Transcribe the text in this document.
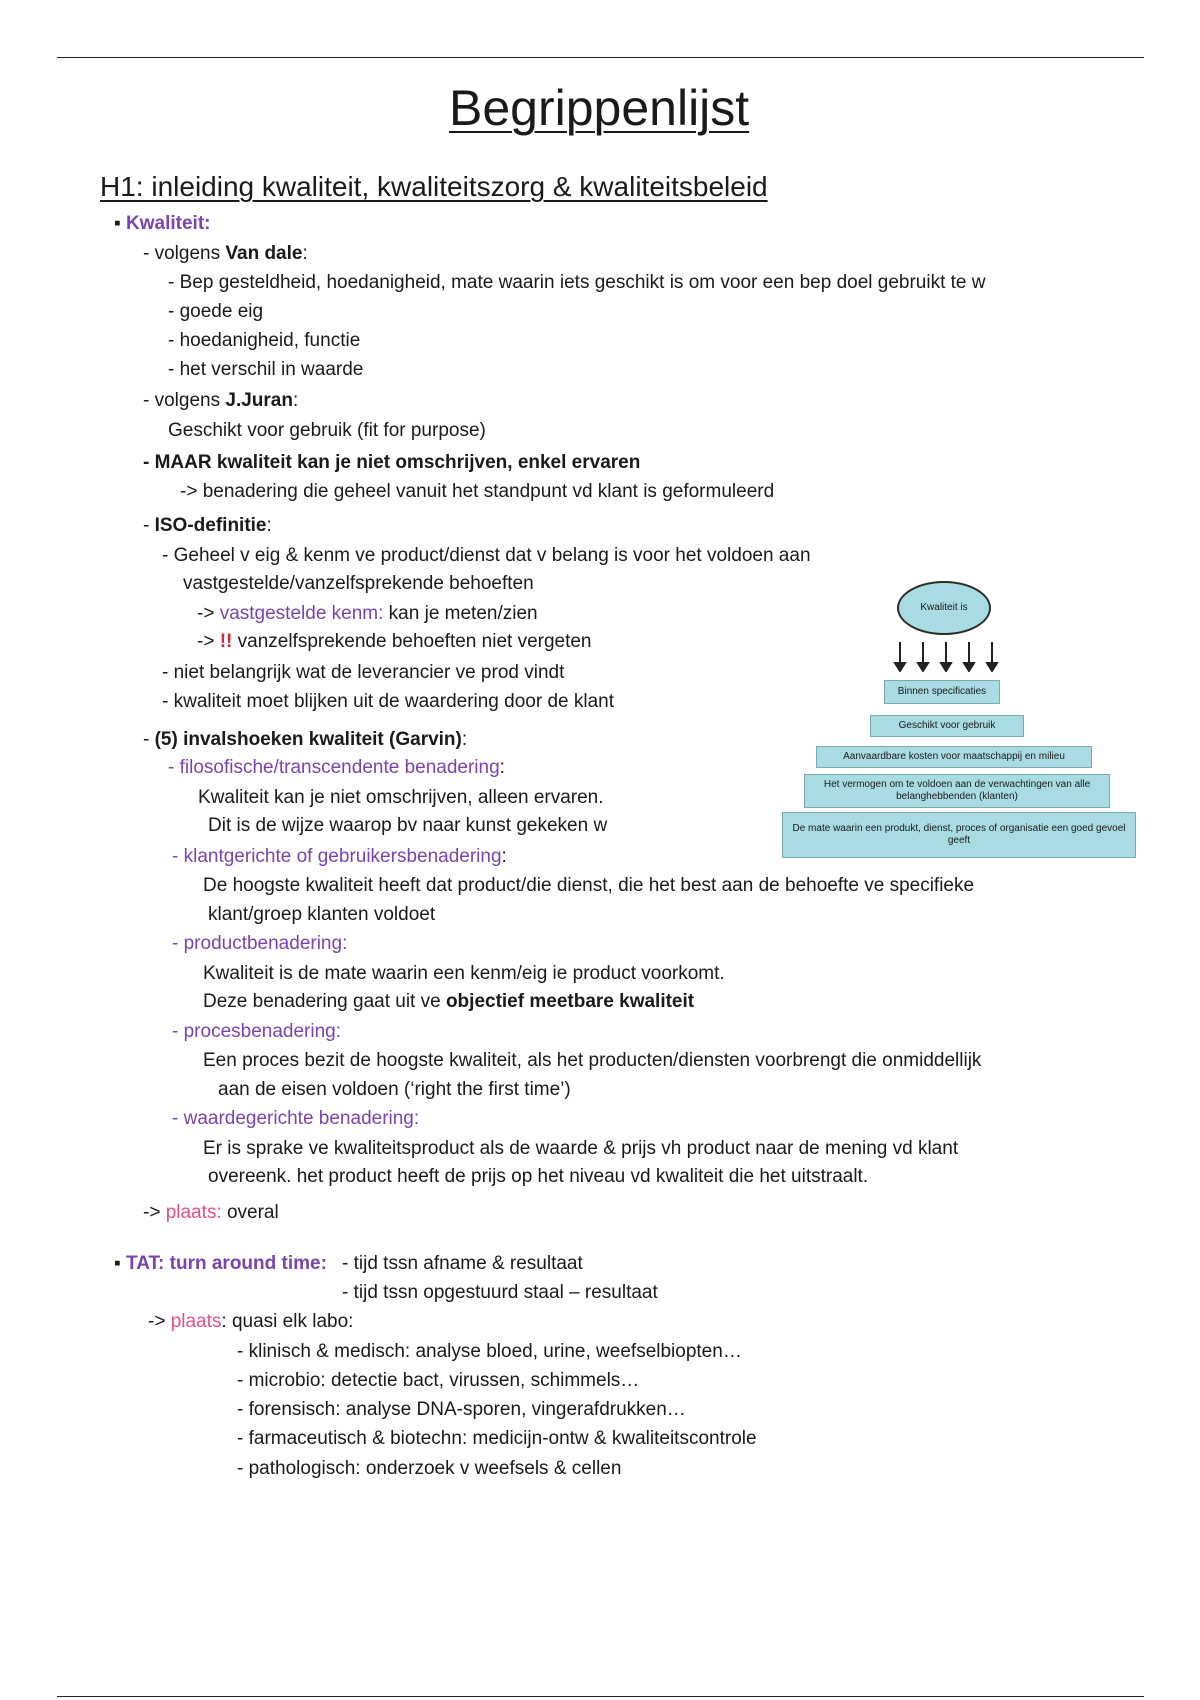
Begrippenlijst
H1: inleiding kwaliteit, kwaliteitszorg & kwaliteitsbeleid
▪ Kwaliteit:
- volgens Van dale:
- Bep gesteldheid, hoedanigheid, mate waarin iets geschikt is om voor een bep doel gebruikt te w
- goede eig
- hoedanigheid, functie
- het verschil in waarde
- volgens J.Juran:
Geschikt voor gebruik (fit for purpose)
- MAAR kwaliteit kan je niet omschrijven, enkel ervaren
-> benadering die geheel vanuit het standpunt vd klant is geformuleerd
- ISO-definitie:
- Geheel v eig & kenm ve product/dienst dat v belang is voor het voldoen aan
vastgestelde/vanzelfsprekende behoeften
-> vastgestelde kenm: kan je meten/zien
-> !! vanzelfsprekende behoeften niet vergeten
- niet belangrijk wat de leverancier ve prod vindt
- kwaliteit moet blijken uit de waardering door de klant
- (5) invalshoeken kwaliteit (Garvin):
- filosofische/transcendente benadering:
Kwaliteit kan je niet omschrijven, alleen ervaren.
Dit is de wijze waarop bv naar kunst gekeken w
- klantgerichte of gebruikersbenadering:
De hoogste kwaliteit heeft dat product/die dienst, die het best aan de behoefte ve specifieke
klant/groep klanten voldoet
- productbenadering:
Kwaliteit is de mate waarin een kenm/eig ie product voorkomt.
Deze benadering gaat uit ve objectief meetbare kwaliteit
- procesbenadering:
Een proces bezit de hoogste kwaliteit, als het producten/diensten voorbrengt die onmiddellijk
aan de eisen voldoen (‘right the first time’)
- waardegerichte benadering:
Er is sprake ve kwaliteitsproduct als de waarde & prijs vh product naar de mening vd klant
overeenk. het product heeft de prijs op het niveau vd kwaliteit die het uitstraalt.
-> plaats: overal
Kwaliteit is
Binnen specificaties
Geschikt voor gebruik
Aanvaardbare kosten voor maatschappij en milieu
Het vermogen om te voldoen aan de verwachtingen van alle belanghebbenden (klanten)
De mate waarin een produkt, dienst, proces of organisatie een goed gevoel geeft
▪ TAT: turn around time: - tijd tssn afname & resultaat
- tijd tssn opgestuurd staal – resultaat
-> plaats: quasi elk labo:
- klinisch & medisch: analyse bloed, urine, weefselbiopten…
- microbio: detectie bact, virussen, schimmels…
- forensisch: analyse DNA-sporen, vingerafdrukken…
- farmaceutisch & biotechn: medicijn-ontw & kwaliteitscontrole
- pathologisch: onderzoek v weefsels & cellen
